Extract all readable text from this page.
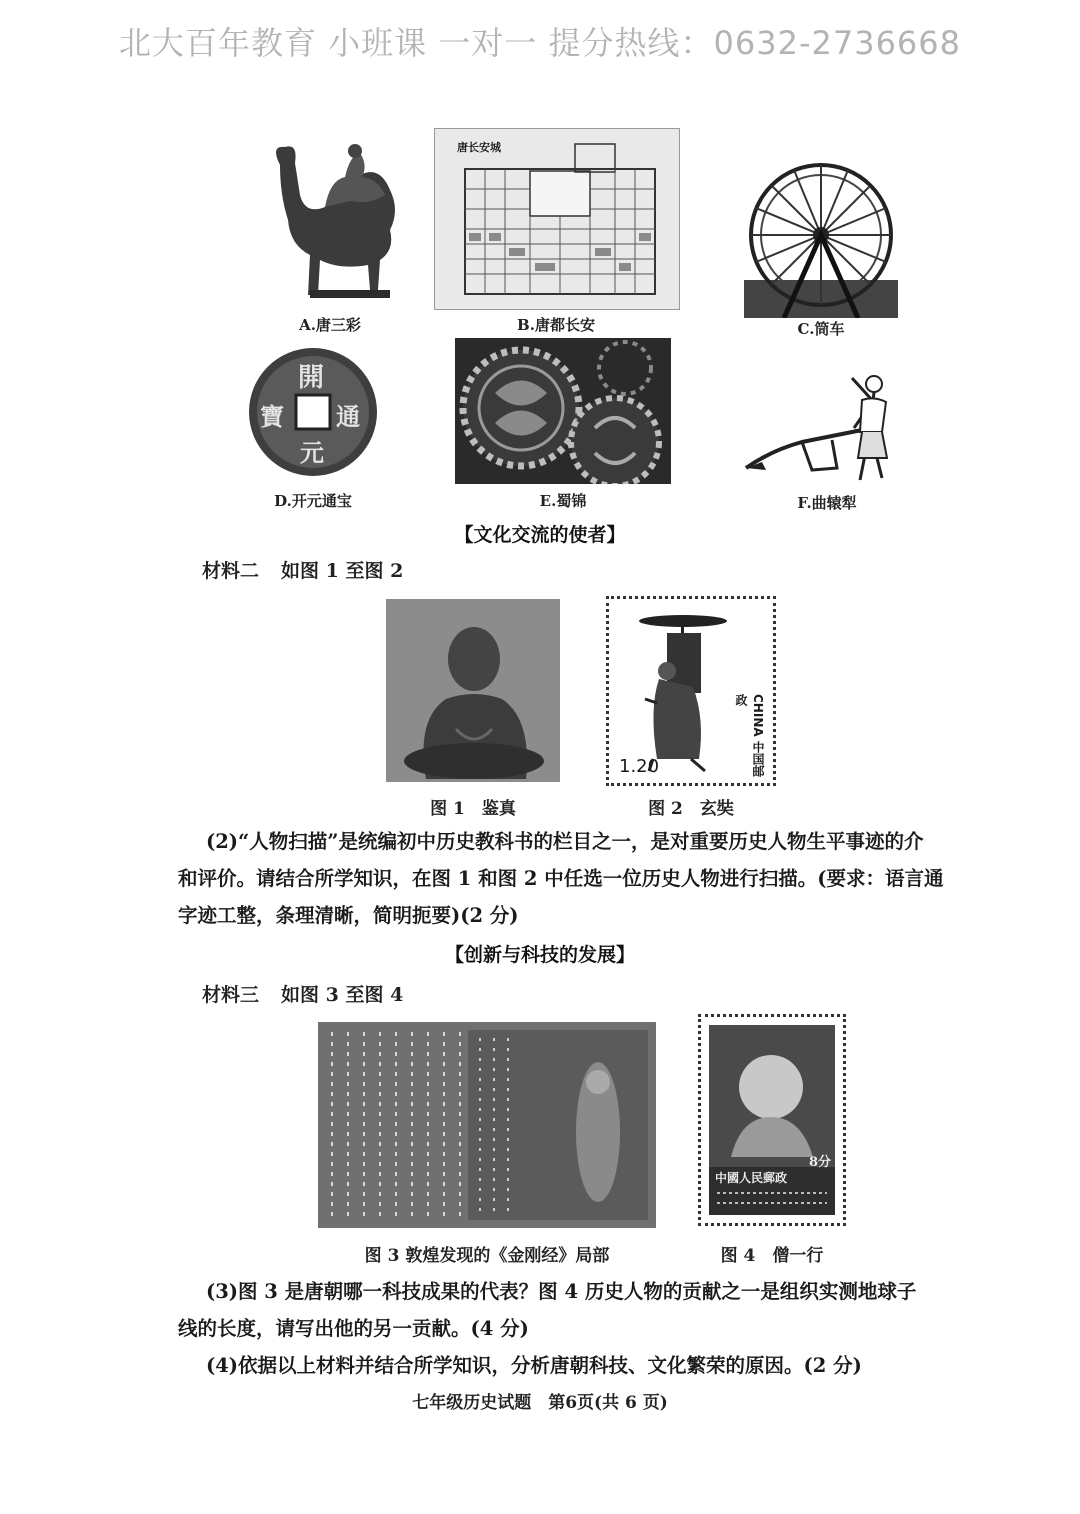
北大百年教育 小班课 一对一 提分热线：0632-2736668
A.唐三彩
唐长安城
B.唐都长安	C.筒车
開
元
通
寶
D.开元通宝	E.蜀锦	F.曲辕犁
【文化交流的使者】
材料二 如图 1 至图 2
图 1　鉴真
CHINA 中国邮政
1.20
图 2　玄奘
(2)“人物扫描”是统编初中历史教科书的栏目之一，是对重要历史人物生平事迹的介
和评价。请结合所学知识，在图 1 和图 2 中任选一位历史人物进行扫描。(要求：语言通
字迹工整，条理清晰，简明扼要)(2 分)
【创新与科技的发展】
材料三 如图 3 至图 4
图 3 敦煌发现的《金刚经》局部
中國人民郵政
8分
图 4　僧一行
(3)图 3 是唐朝哪一科技成果的代表？图 4 历史人物的贡献之一是组织实测地球子
线的长度，请写出他的另一贡献。(4 分)
(4)依据以上材料并结合所学知识，分析唐朝科技、文化繁荣的原因。(2 分)
七年级历史试题　第6页(共 6 页)
